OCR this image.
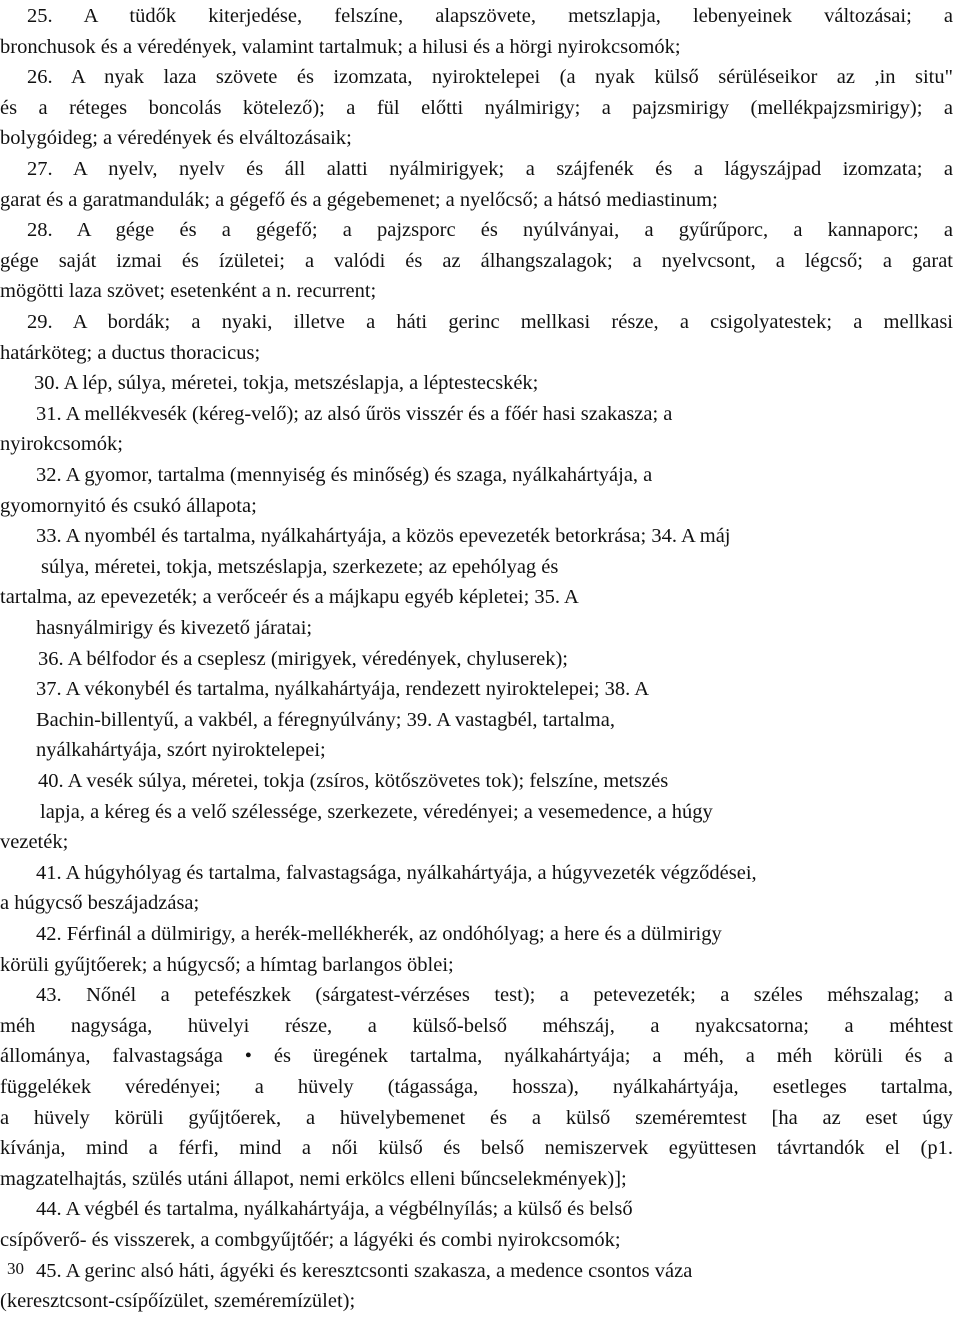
25. A tüdők kiterjedése, felszíne, alapszövete, metszlapja, lebenyeinek változásai; a
bronchusok és a véredények, valamint tartalmuk; a hilusi és a hörgi nyirokcsomók;
26. A nyak laza szövete és izomzata, nyiroktelepei (a nyak külső sérüléseikor az ,in situ"
és a réteges boncolás kötelező); a fül előtti nyálmirigy; a pajzsmirigy (mellékpajzsmirigy); a
bolygóideg; a véredények és elváltozásaik;
27. A nyelv, nyelv és áll alatti nyálmirigyek; a szájfenék és a lágyszájpad izomzata; a
garat és a garatmandulák; a gégefő és a gégebemenet; a nyelőcső; a hátsó mediastinum;
28. A gége és a gégefő; a pajzsporc és nyúlványai, a gyűrűporc, a kannaporc; a
gége saját izmai és ízületei; a valódi és az álhangszalagok; a nyelvcsont, a légcső; a garat
mögötti laza szövet; esetenként a n. recurrent;
29. A bordák; a nyaki, illetve a háti gerinc mellkasi része, a csigolyatestek; a mellkasi
határköteg; a ductus thoracicus;
30. A lép, súlya, méretei, tokja, metszéslapja, a léptestecskék;
31. A mellékvesék (kéreg-velő); az alsó űrös visszér és a főér hasi szakasza; a
nyirokcsomók;
32. A gyomor, tartalma (mennyiség és minőség) és szaga, nyálkahártyája, a
gyomornyitó és csukó állapota;
33. A nyombél és tartalma, nyálkahártyája, a közös epevezeték betorkrása; 34. A máj
súlya, méretei, tokja, metszéslapja, szerkezete; az epehólyag és
tartalma, az epevezeték; a verőceér és a májkapu egyéb képletei; 35. A
hasnyálmirigy és kivezető járatai;
36. A bélfodor és a cseplesz (mirigyek, véredények, chyluserek);
37. A vékonybél és tartalma, nyálkahártyája, rendezett nyiroktelepei; 38. A
Bachin-billentyű, a vakbél, a féregnyúlvány; 39. A vastagbél, tartalma,
nyálkahártyája, szórt nyiroktelepei;
40. A vesék súlya, méretei, tokja (zsíros, kötőszövetes tok); felszíne, metszés
lapja, a kéreg és a velő szélessége, szerkezete, véredényei; a vesemedence, a húgy
vezeték;
41. A húgyhólyag és tartalma, falvastagsága, nyálkahártyája, a húgyvezeték végződései,
a húgycső beszájadzása;
42. Férfinál a dülmirigy, a herék-mellékherék, az ondóhólyag; a here és a dülmirigy
körüli gyűjtőerek; a húgycső; a hímtag barlangos öblei;
43. Nőnél a petefészkek (sárgatest-vérzéses test); a petevezeték; a széles méhszalag; a
méh nagysága, hüvelyi része, a külső-belső méhszáj, a nyakcsatorna; a méhtest
állománya, falvastagsága • és üregének tartalma, nyálkahártyája; a méh, a méh körüli és a
függelékek véredényei; a hüvely (tágassága, hossza), nyálkahártyája, esetleges tartalma,
a hüvely körüli gyűjtőerek, a hüvelybemenet és a külső szeméremtest [ha az eset úgy
kívánja, mind a férfi, mind a női külső és belső nemiszervek együttesen távrtandók el (p1.
magzatelhajtás, szülés utáni állapot, nemi erkölcs elleni bűncselekmények)];
44. A végbél és tartalma, nyálkahártyája, a végbélnyílás; a külső és belső
csípőverő- és visszerek, a combgyűjtőér; a lágyéki és combi nyirokcsomók;
45. A gerinc alsó háti, ágyéki és keresztcsonti szakasza, a medence csontos váza
(keresztcsont-csípőízület, szeméremízület);
30
